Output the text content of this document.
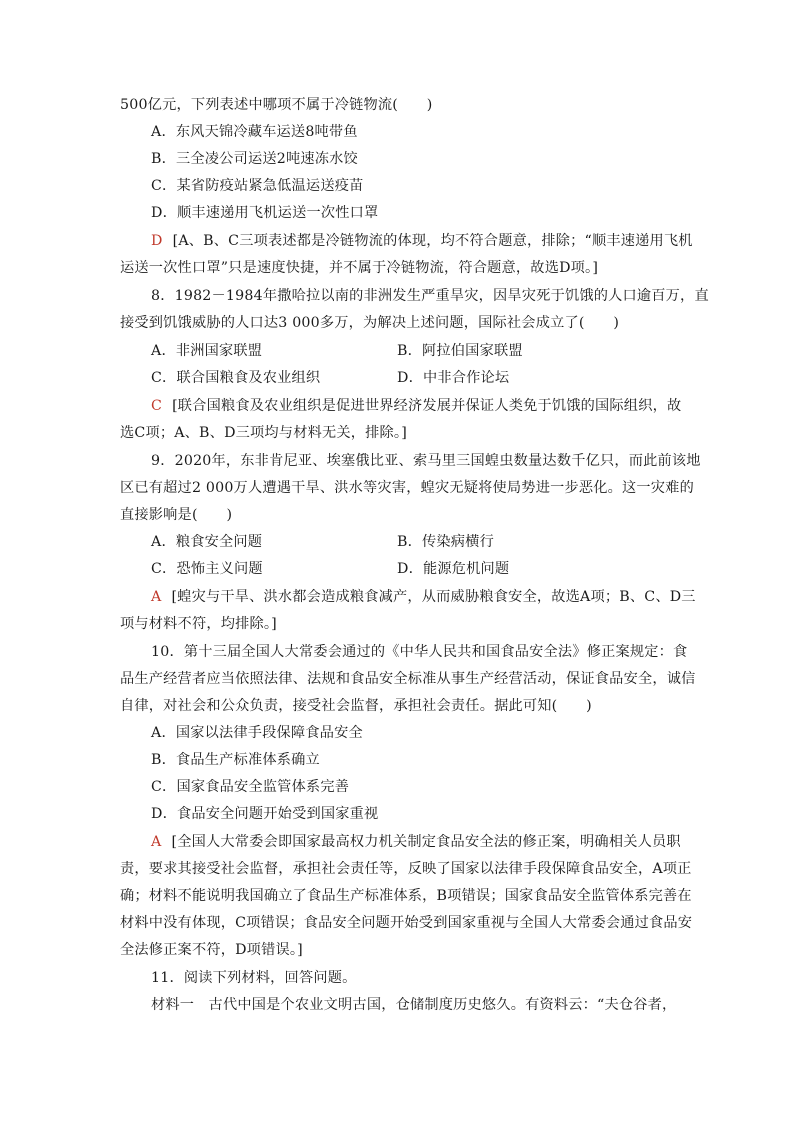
500亿元，下列表述中哪项不属于冷链物流(　　)
A．东风天锦冷藏车运送8吨带鱼
B．三全凌公司运送2吨速冻水饺
C．某省防疫站紧急低温运送疫苗
D．顺丰速递用飞机运送一次性口罩
D [A、B、C三项表述都是冷链物流的体现，均不符合题意，排除；“顺丰速递用飞机
运送一次性口罩”只是速度快捷，并不属于冷链物流，符合题意，故选D项。]
8．1982－1984年撒哈拉以南的非洲发生严重旱灾，因旱灾死于饥饿的人口逾百万，直
接受到饥饿威胁的人口达3 000多万，为解决上述问题，国际社会成立了(　　)
A．非洲国家联盟	B．阿拉伯国家联盟
C．联合国粮食及农业组织	D．中非合作论坛
C [联合国粮食及农业组织是促进世界经济发展并保证人类免于饥饿的国际组织，故
选C项；A、B、D三项均与材料无关，排除。]
9．2020年，东非肯尼亚、埃塞俄比亚、索马里三国蝗虫数量达数千亿只，而此前该地
区已有超过2 000万人遭遇干旱、洪水等灾害，蝗灾无疑将使局势进一步恶化。这一灾难的
直接影响是(　　)
A．粮食安全问题	B．传染病横行
C．恐怖主义问题	D．能源危机问题
A [蝗灾与干旱、洪水都会造成粮食减产，从而威胁粮食安全，故选A项；B、C、D三
项与材料不符，均排除。]
10．第十三届全国人大常委会通过的《中华人民共和国食品安全法》修正案规定：食
品生产经营者应当依照法律、法规和食品安全标准从事生产经营活动，保证食品安全，诚信
自律，对社会和公众负责，接受社会监督，承担社会责任。据此可知(　　)
A．国家以法律手段保障食品安全
B．食品生产标准体系确立
C．国家食品安全监管体系完善
D．食品安全问题开始受到国家重视
A [全国人大常委会即国家最高权力机关制定食品安全法的修正案，明确相关人员职
责，要求其接受社会监督，承担社会责任等，反映了国家以法律手段保障食品安全，A项正
确；材料不能说明我国确立了食品生产标准体系，B项错误；国家食品安全监管体系完善在
材料中没有体现，C项错误；食品安全问题开始受到国家重视与全国人大常委会通过食品安
全法修正案不符，D项错误。]
11．阅读下列材料，回答问题。
材料一　古代中国是个农业文明古国，仓储制度历史悠久。有资料云：“夫仓谷者，
